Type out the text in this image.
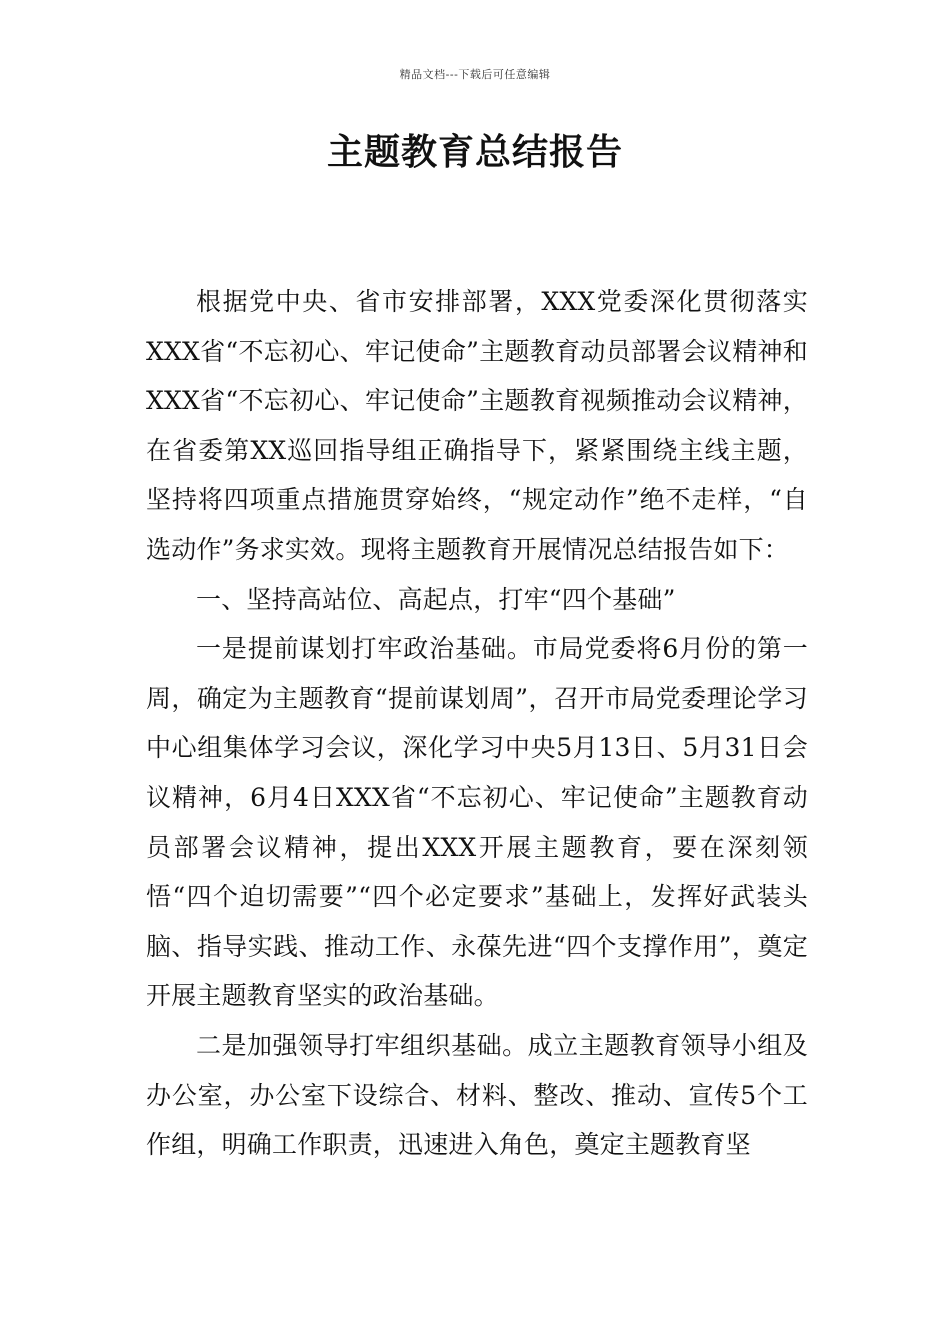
精品文档---下载后可任意编辑
主题教育总结报告

根据党中央、省市安排部署，XXX党委深化贯彻落实XXX省“不忘初心、牢记使命”主题教育动员部署会议精神和XXX省“不忘初心、牢记使命”主题教育视频推动会议精神，在省委第XX巡回指导组正确指导下，紧紧围绕主线主题，坚持将四项重点措施贯穿始终，“规定动作”绝不走样，“自选动作”务求实效。现将主题教育开展情况总结报告如下：

一、坚持高站位、高起点，打牢“四个基础”

一是提前谋划打牢政治基础。市局党委将6月份的第一周，确定为主题教育“提前谋划周”，召开市局党委理论学习中心组集体学习会议，深化学习中央5月13日、5月31日会议精神，6月4日XXX省“不忘初心、牢记使命”主题教育动员部署会议精神，提出XXX开展主题教育，要在深刻领悟“四个迫切需要”“四个必定要求”基础上，发挥好武装头脑、指导实践、推动工作、永葆先进“四个支撑作用”，奠定开展主题教育坚实的政治基础。

二是加强领导打牢组织基础。成立主题教育领导小组及办公室，办公室下设综合、材料、整改、推动、宣传5个工作组，明确工作职责，迅速进入角色，奠定主题教育坚
